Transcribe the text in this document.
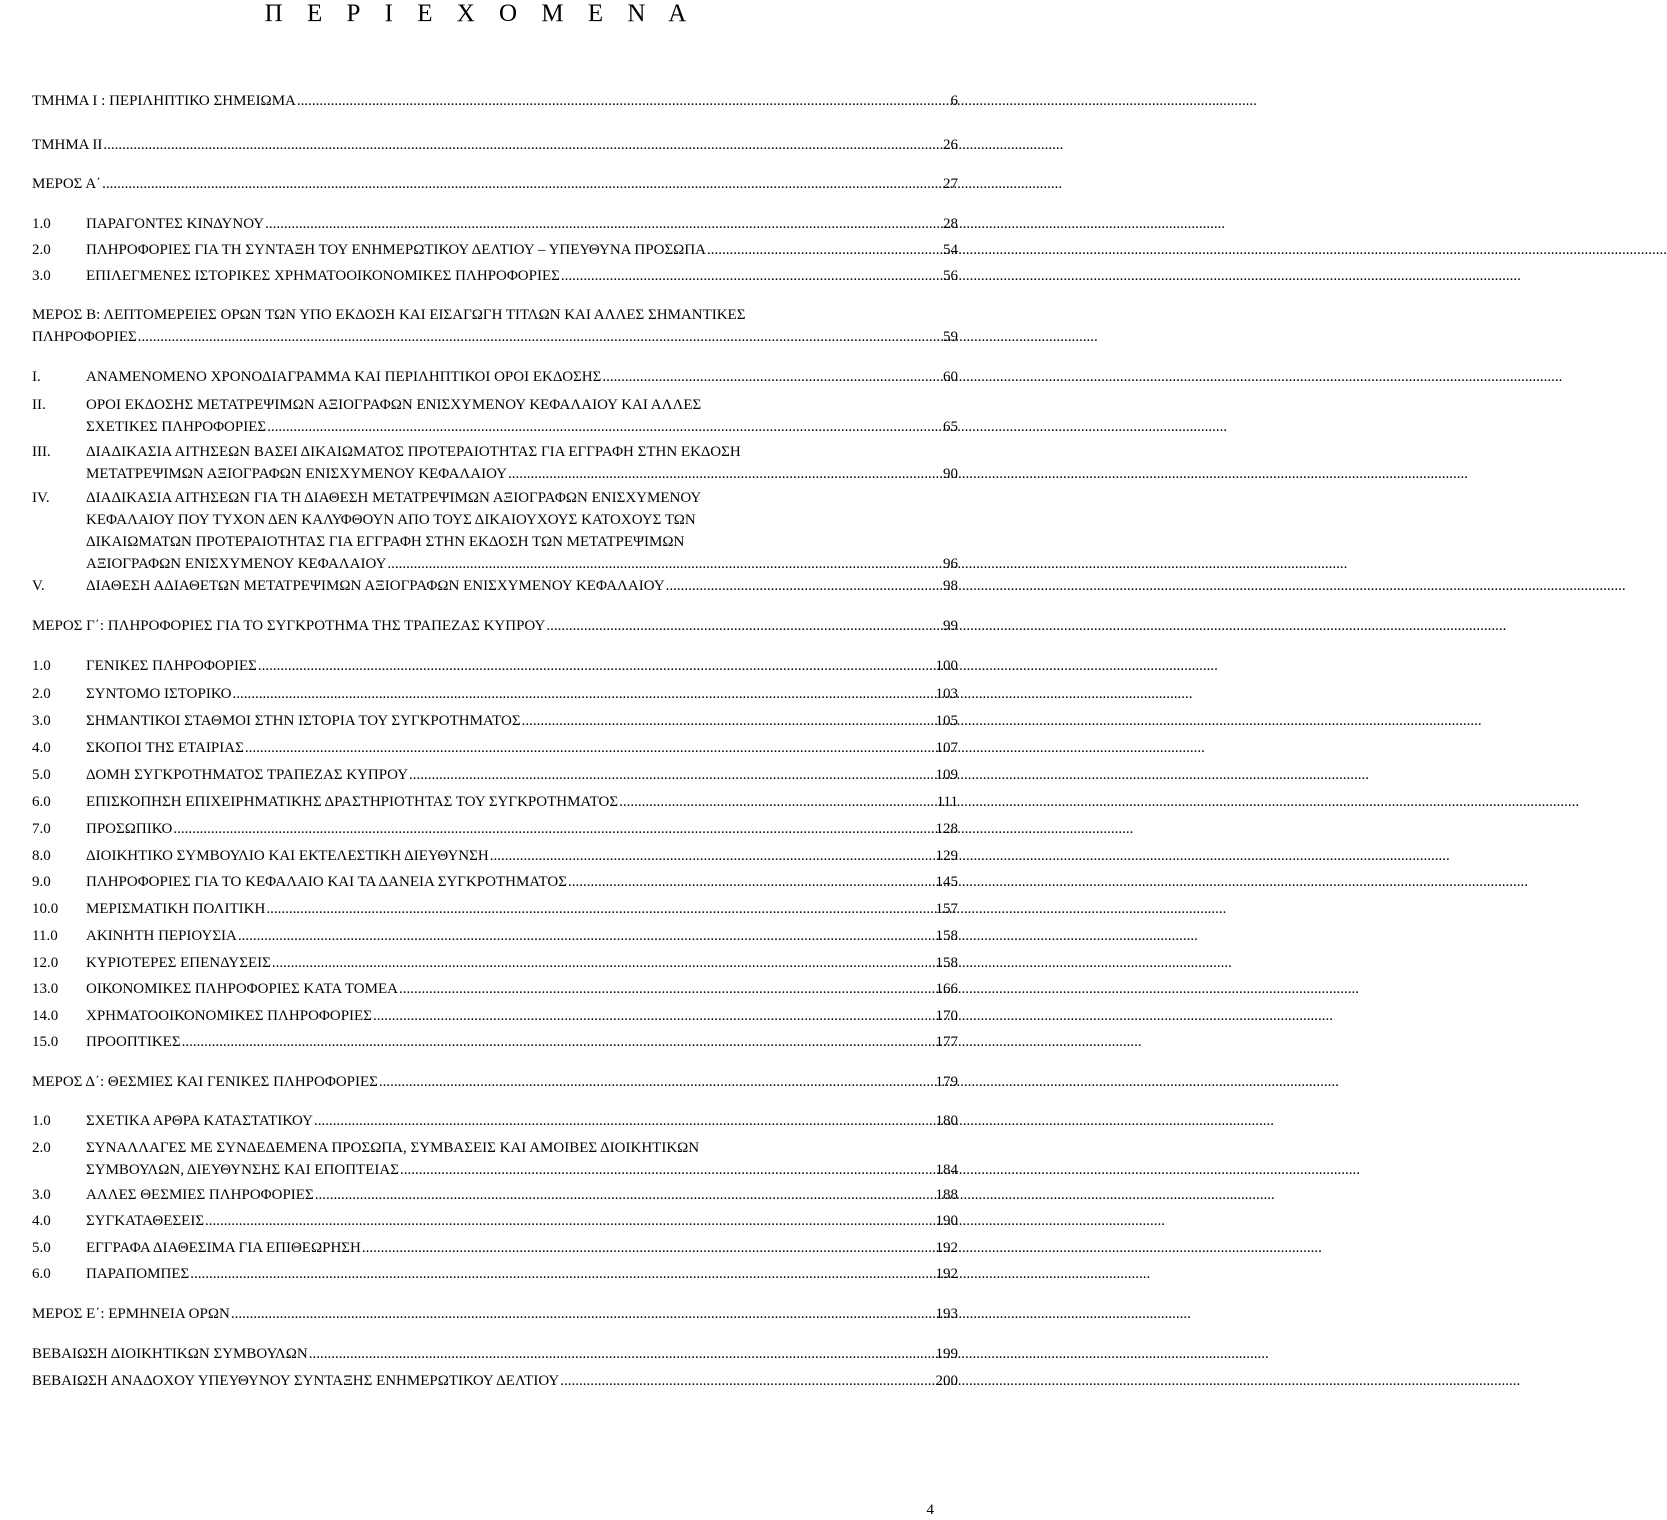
Π Ε Ρ Ι Ε Χ Ο Μ Ε Ν Α
ΤΜΗΜΑ Ι : ΠΕΡΙΛΗΠΤΙΚΟ ΣΗΜΕΙΩΜΑ .....	6
ΤΜΗΜΑ ΙΙ .....	26
ΜΕΡΟΣ Α΄ .....	27
1.0 ΠΑΡΑΓΟΝΤΕΣ ΚΙΝΔΥΝΟΥ .....	28
2.0 ΠΛΗΡΟΦΟΡΙΕΣ ΓΙΑ ΤΗ ΣΥΝΤΑΞΗ ΤΟΥ ΕΝΗΜΕΡΩΤΙΚΟΥ ΔΕΛΤΙΟΥ – ΥΠΕΥΘΥΝΑ ΠΡΟΣΩΠΑ .....	54
3.0 ΕΠΙΛΕΓΜΕΝΕΣ ΙΣΤΟΡΙΚΕΣ ΧΡΗΜΑΤΟΟΙΚΟΝΟΜΙΚΕΣ ΠΛΗΡΟΦΟΡΙΕΣ .....	56
ΜΕΡΟΣ Β: ΛΕΠΤΟΜΕΡΕΙΕΣ ΟΡΩΝ ΤΩΝ ΥΠΟ ΕΚΔΟΣΗ ΚΑΙ ΕΙΣΑΓΩΓΗ ΤΙΤΛΩΝ ΚΑΙ ΑΛΛΕΣ ΣΗΜΑΝΤΙΚΕΣ
ΠΛΗΡΟΦΟΡΙΕΣ .....	59
I.	ΑΝΑΜΕΝΟΜΕΝΟ ΧΡΟΝΟΔΙΑΓΡΑΜΜΑ ΚΑΙ ΠΕΡΙΛΗΠΤΙΚΟΙ ΟΡΟΙ ΕΚΔΟΣΗΣ .....	60
II.	ΟΡΟΙ ΕΚΔΟΣΗΣ ΜΕΤΑΤΡΕΨΙΜΩΝ ΑΞΙΟΓΡΑΦΩΝ ΕΝΙΣΧΥΜΕΝΟΥ ΚΕΦΑΛΑΙΟΥ ΚΑΙ ΑΛΛΕΣ
ΣΧΕΤΙΚΕΣ ΠΛΗΡΟΦΟΡΙΕΣ .....	65
III. ΔΙΑΔΙΚΑΣΙΑ ΑΙΤΗΣΕΩΝ ΒΑΣΕΙ ΔΙΚΑΙΩΜΑΤΟΣ ΠΡΟΤΕΡΑΙΟΤΗΤΑΣ ΓΙΑ ΕΓΓΡΑΦΗ ΣΤΗΝ ΕΚΔΟΣΗ
ΜΕΤΑΤΡΕΨΙΜΩΝ ΑΞΙΟΓΡΑΦΩΝ ΕΝΙΣΧΥΜΕΝΟΥ ΚΕΦΑΛΑΙΟΥ .....	90
IV. ΔΙΑΔΙΚΑΣΙΑ ΑΙΤΗΣΕΩΝ ΓΙΑ ΤΗ ΔΙΑΘΕΣΗ ΜΕΤΑΤΡΕΨΙΜΩΝ ΑΞΙΟΓΡΑΦΩΝ ΕΝΙΣΧΥΜΕΝΟΥ
ΚΕΦΑΛΑΙΟΥ ΠΟΥ ΤΥΧΟΝ ΔΕΝ ΚΑΛΥΦΘΟΥΝ ΑΠΟ ΤΟΥΣ ΔΙΚΑΙΟΥΧΟΥΣ ΚΑΤΟΧΟΥΣ ΤΩΝ
ΔΙΚΑΙΩΜΑΤΩΝ ΠΡΟΤΕΡΑΙΟΤΗΤΑΣ ΓΙΑ ΕΓΓΡΑΦΗ ΣΤΗΝ ΕΚΔΟΣΗ ΤΩΝ ΜΕΤΑΤΡΕΨΙΜΩΝ
ΑΞΙΟΓΡΑΦΩΝ ΕΝΙΣΧΥΜΕΝΟΥ ΚΕΦΑΛΑΙΟΥ .....	96
V.	ΔΙΑΘΕΣΗ ΑΔΙΑΘΕΤΩΝ ΜΕΤΑΤΡΕΨΙΜΩΝ ΑΞΙΟΓΡΑΦΩΝ ΕΝΙΣΧΥΜΕΝΟΥ ΚΕΦΑΛΑΙΟΥ .....	98
ΜΕΡΟΣ Γ΄: ΠΛΗΡΟΦΟΡΙΕΣ ΓΙΑ ΤΟ ΣΥΓΚΡΟΤΗΜΑ ΤΗΣ ΤΡΑΠΕΖΑΣ ΚΥΠΡΟΥ .....	99
1.0 ΓΕΝΙΚΕΣ ΠΛΗΡΟΦΟΡΙΕΣ .....	100
2.0 ΣΥΝΤΟΜΟ ΙΣΤΟΡΙΚΟ .....	103
3.0 ΣΗΜΑΝΤΙΚΟΙ ΣΤΑΘΜΟΙ ΣΤΗΝ ΙΣΤΟΡΙΑ ΤΟΥ ΣΥΓΚΡΟΤΗΜΑΤΟΣ .....	105
4.0 ΣΚΟΠΟΙ ΤΗΣ ΕΤΑΙΡΙΑΣ .....	107
5.0 ΔΟΜΗ ΣΥΓΚΡΟΤΗΜΑΤΟΣ ΤΡΑΠΕΖΑΣ ΚΥΠΡΟΥ .....	109
6.0 ΕΠΙΣΚΟΠΗΣΗ ΕΠΙΧΕΙΡΗΜΑΤΙΚΗΣ ΔΡΑΣΤΗΡΙΟΤΗΤΑΣ ΤΟΥ ΣΥΓΚΡΟΤΗΜΑΤΟΣ .....	111
7.0 ΠΡΟΣΩΠΙΚΟ .....	128
8.0 ΔΙΟΙΚΗΤΙΚΟ ΣΥΜΒΟΥΛΙΟ ΚΑΙ ΕΚΤΕΛΕΣΤΙΚΗ ΔΙΕΥΘΥΝΣΗ .....	129
9.0 ΠΛΗΡΟΦΟΡΙΕΣ ΓΙΑ ΤΟ ΚΕΦΑΛΑΙΟ ΚΑΙ ΤΑ ΔΑΝΕΙΑ ΣΥΓΚΡΟΤΗΜΑΤΟΣ .....	145
10.0 ΜΕΡΙΣΜΑΤΙΚΗ ΠΟΛΙΤΙΚΗ .....	157
11.0 ΑΚΙΝΗΤΗ ΠΕΡΙΟΥΣΙΑ .....	158
12.0 ΚΥΡΙΟΤΕΡΕΣ ΕΠΕΝΔΥΣΕΙΣ .....	158
13.0 ΟΙΚΟΝΟΜΙΚΕΣ ΠΛΗΡΟΦΟΡΙΕΣ ΚΑΤΑ ΤΟΜΕΑ .....	166
14.0 ΧΡΗΜΑΤΟΟΙΚΟΝΟΜΙΚΕΣ ΠΛΗΡΟΦΟΡΙΕΣ .....	170
15.0 ΠΡΟΟΠΤΙΚΕΣ .....	177
ΜΕΡΟΣ Δ΄: ΘΕΣΜΙΕΣ ΚΑΙ ΓΕΝΙΚΕΣ ΠΛΗΡΟΦΟΡΙΕΣ .....	179
1.0 ΣΧΕΤΙΚΑ ΑΡΘΡΑ ΚΑΤΑΣΤΑΤΙΚΟΥ .....	180
2.0 ΣΥΝΑΛΛΑΓΕΣ ΜΕ ΣΥΝΔΕΔΕΜΕΝΑ ΠΡΟΣΩΠΑ, ΣΥΜΒΑΣΕΙΣ ΚΑΙ ΑΜΟΙΒΕΣ ΔΙΟΙΚΗΤΙΚΩΝ
ΣΥΜΒΟΥΛΩΝ, ΔΙΕΥΘΥΝΣΗΣ ΚΑΙ ΕΠΟΠΤΕΙΑΣ .....	184
3.0 ΑΛΛΕΣ ΘΕΣΜΙΕΣ ΠΛΗΡΟΦΟΡΙΕΣ .....	188
4.0 ΣΥΓΚΑΤΑΘΕΣΕΙΣ .....	190
5.0 ΕΓΓΡΑΦΑ ΔΙΑΘΕΣΙΜΑ ΓΙΑ ΕΠΙΘΕΩΡΗΣΗ .....	192
6.0 ΠΑΡΑΠΟΜΠΕΣ .....	192
ΜΕΡΟΣ Ε΄: ΕΡΜΗΝΕΙΑ ΟΡΩΝ .....	193
ΒΕΒΑΙΩΣΗ ΔΙΟΙΚΗΤΙΚΩΝ ΣΥΜΒΟΥΛΩΝ .....	199
ΒΕΒΑΙΩΣΗ ΑΝΑΔΟΧΟΥ ΥΠΕΥΘΥΝΟΥ ΣΥΝΤΑΞΗΣ ΕΝΗΜΕΡΩΤΙΚΟΥ ΔΕΛΤΙΟΥ .....	200
4
